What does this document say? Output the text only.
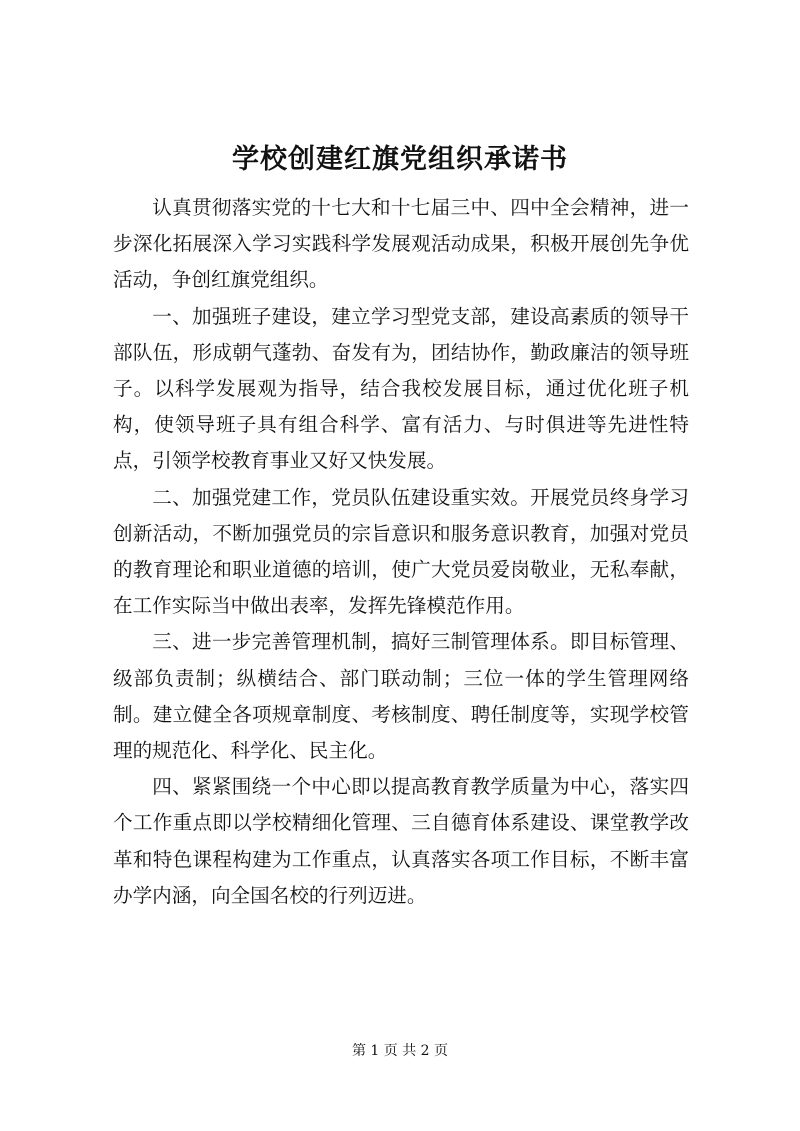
学校创建红旗党组织承诺书

认真贯彻落实党的十七大和十七届三中、四中全会精神，进一步深化拓展深入学习实践科学发展观活动成果，积极开展创先争优活动，争创红旗党组织。

一、加强班子建设，建立学习型党支部，建设高素质的领导干部队伍，形成朝气蓬勃、奋发有为，团结协作，勤政廉洁的领导班子。以科学发展观为指导，结合我校发展目标，通过优化班子机构，使领导班子具有组合科学、富有活力、与时俱进等先进性特点，引领学校教育事业又好又快发展。

二、加强党建工作，党员队伍建设重实效。开展党员终身学习创新活动，不断加强党员的宗旨意识和服务意识教育，加强对党员的教育理论和职业道德的培训，使广大党员爱岗敬业，无私奉献，在工作实际当中做出表率，发挥先锋模范作用。

三、进一步完善管理机制，搞好三制管理体系。即目标管理、级部负责制；纵横结合、部门联动制；三位一体的学生管理网络制。建立健全各项规章制度、考核制度、聘任制度等，实现学校管理的规范化、科学化、民主化。

四、紧紧围绕一个中心即以提高教育教学质量为中心，落实四个工作重点即以学校精细化管理、三自德育体系建设、课堂教学改革和特色课程构建为工作重点，认真落实各项工作目标，不断丰富办学内涵，向全国名校的行列迈进。

第 1 页 共 2 页
